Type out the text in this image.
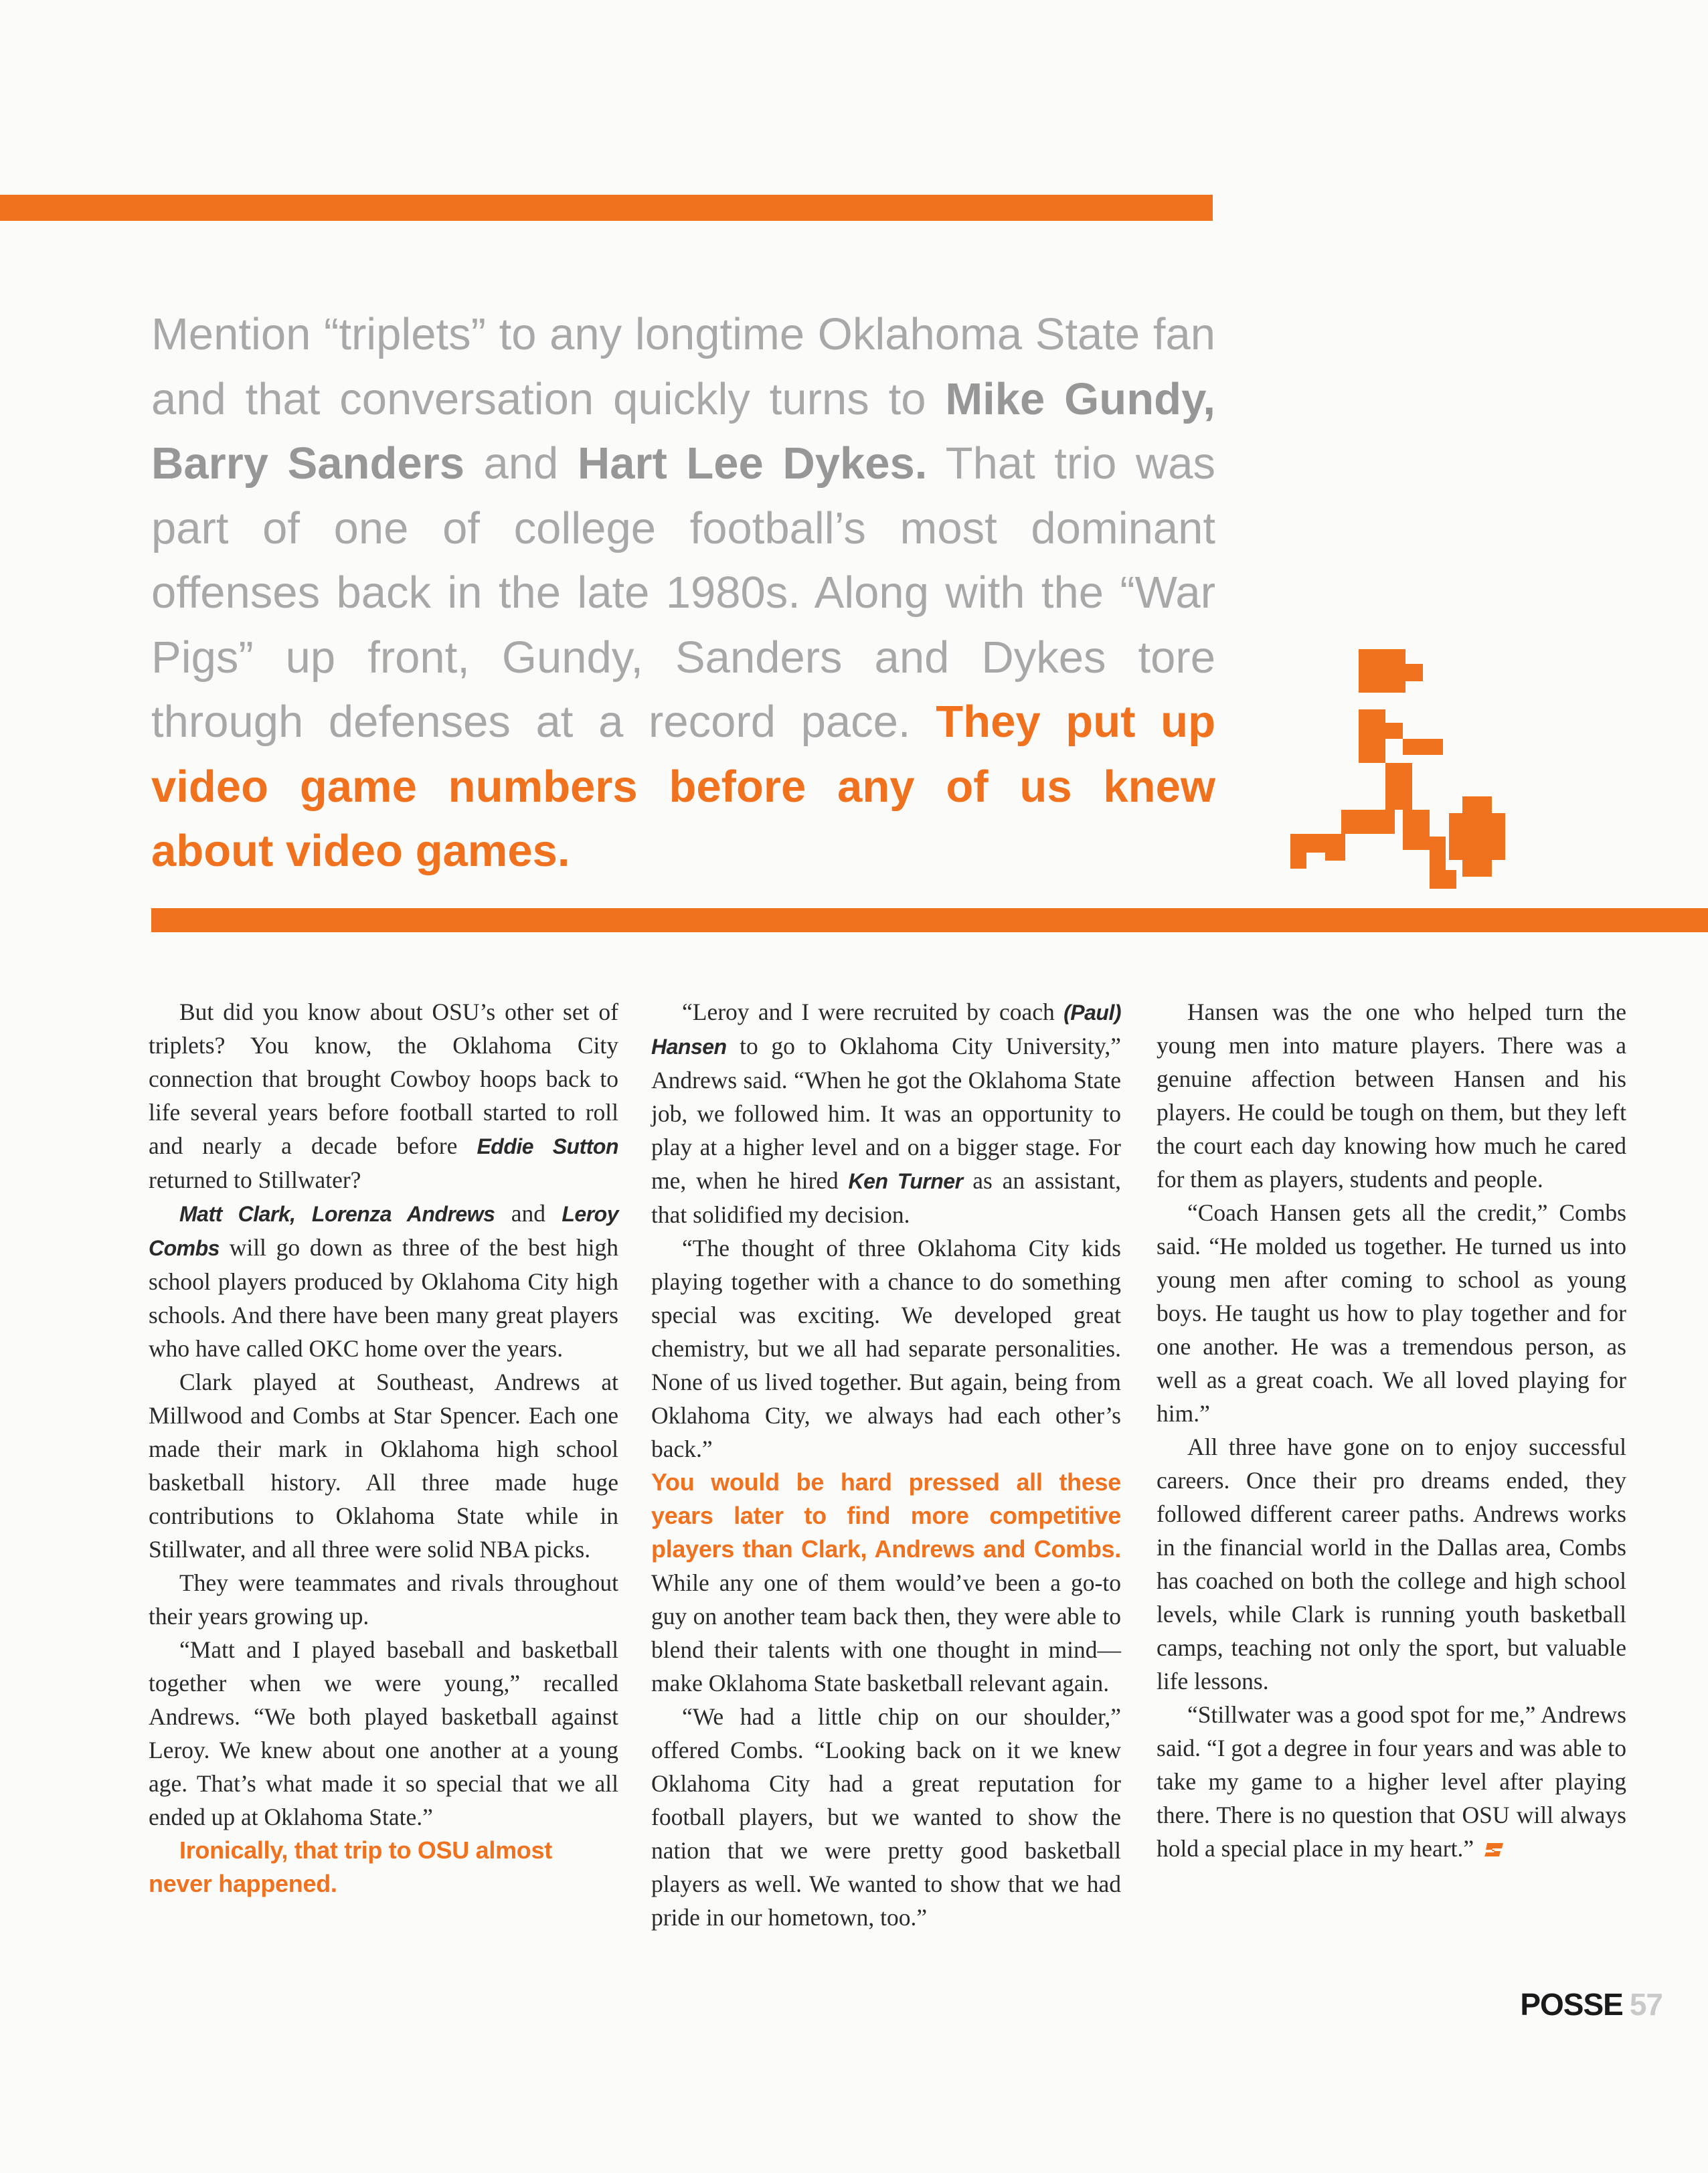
Mention “triplets” to any longtime Oklahoma State fan and that conversation quickly turns to Mike Gundy, Barry Sanders and Hart Lee Dykes. That trio was part of one of college football’s most dominant offenses back in the late 1980s. Along with the “War Pigs” up front, Gundy, Sanders and Dykes tore through defenses at a record pace. They put up video game numbers before any of us knew about video games.

But did you know about OSU’s other set of triplets? You know, the Oklahoma City connection that brought Cowboy hoops back to life several years before football started to roll and nearly a decade before Eddie Sutton returned to Stillwater?

Matt Clark, Lorenza Andrews and Leroy Combs will go down as three of the best high school players produced by Oklahoma City high schools. And there have been many great players who have called OKC home over the years.

Clark played at Southeast, Andrews at Millwood and Combs at Star Spencer. Each one made their mark in Oklahoma high school basketball history. All three made huge contributions to Oklahoma State while in Stillwater, and all three were solid NBA picks.

They were teammates and rivals throughout their years growing up.

“Matt and I played baseball and basketball together when we were young,” recalled Andrews. “We both played basketball against Leroy. We knew about one another at a young age. That’s what made it so special that we all ended up at Oklahoma State.”

Ironically, that trip to OSU almost never happened.

“Leroy and I were recruited by coach (Paul) Hansen to go to Oklahoma City University,” Andrews said. “When he got the Oklahoma State job, we followed him. It was an opportunity to play at a higher level and on a bigger stage. For me, when he hired Ken Turner as an assistant, that solidified my decision.

“The thought of three Oklahoma City kids playing together with a chance to do something special was exciting. We developed great chemistry, but we all had separate personalities. None of us lived together. But again, being from Oklahoma City, we always had each other’s back.”

You would be hard pressed all these years later to find more competitive players than Clark, Andrews and Combs. While any one of them would’ve been a go-to guy on another team back then, they were able to blend their talents with one thought in mind—make Oklahoma State basketball relevant again.

“We had a little chip on our shoulder,” offered Combs. “Looking back on it we knew Oklahoma City had a great reputation for football players, but we wanted to show the nation that we were pretty good basketball players as well. We wanted to show that we had pride in our hometown, too.”

Hansen was the one who helped turn the young men into mature players. There was a genuine affection between Hansen and his players. He could be tough on them, but they left the court each day knowing how much he cared for them as players, students and people.

“Coach Hansen gets all the credit,” Combs said. “He molded us together. He turned us into young men after coming to school as young boys. He taught us how to play together and for one another. He was a tremendous person, as well as a great coach. We all loved playing for him.”

All three have gone on to enjoy successful careers. Once their pro dreams ended, they followed different career paths. Andrews works in the financial world in the Dallas area, Combs has coached on both the college and high school levels, while Clark is running youth basketball camps, teaching not only the sport, but valuable life lessons.

“Stillwater was a good spot for me,” Andrews said. “I got a degree in four years and was able to take my game to a higher level after playing there. There is no question that OSU will always hold a special place in my heart.”

POSSE 57
